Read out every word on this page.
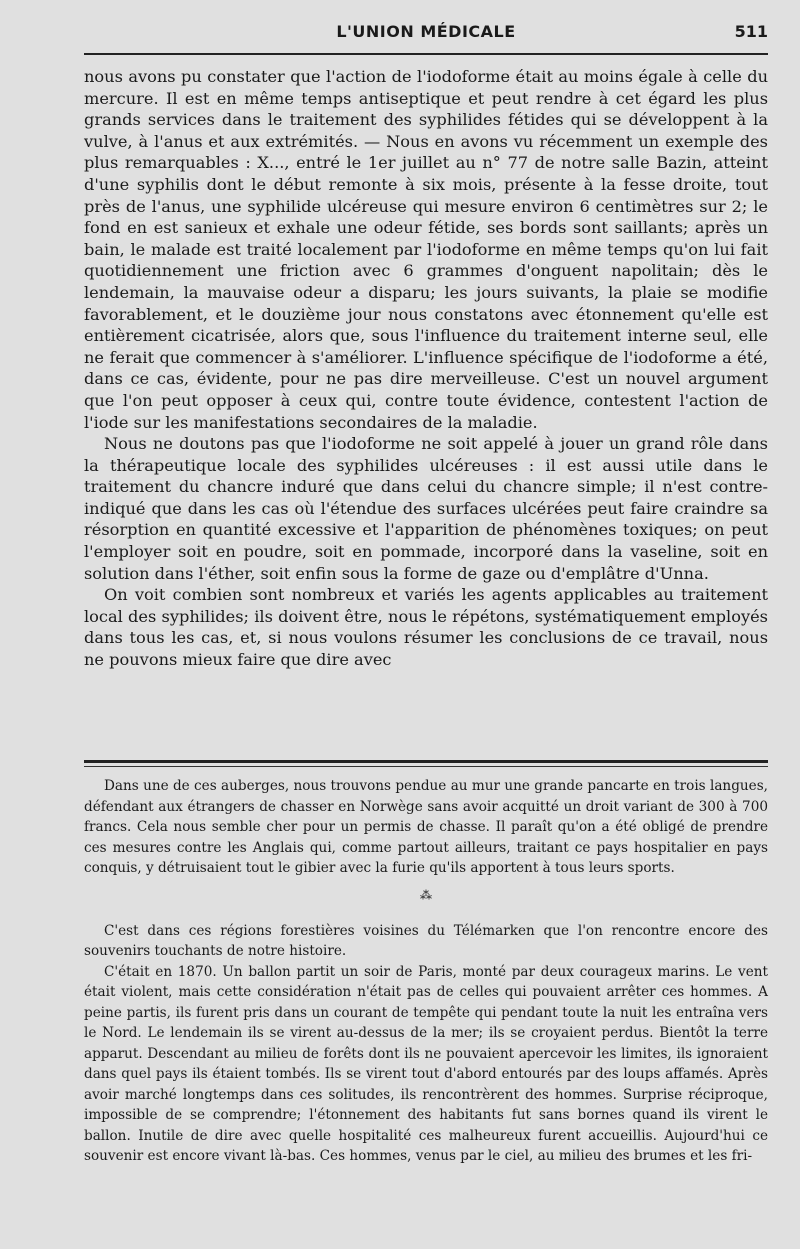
L'UNION MÉDICALE	511

nous avons pu constater que l'action de l'iodoforme était au moins égale à celle du mercure. Il est en même temps antiseptique et peut rendre à cet égard les plus grands services dans le traitement des syphilides fétides qui se développent à la vulve, à l'anus et aux extrémités. — Nous en avons vu récemment un exemple des plus remarquables : X..., entré le 1er juillet au n° 77 de notre salle Bazin, atteint d'une syphilis dont le début remonte à six mois, présente à la fesse droite, tout près de l'anus, une syphilide ulcéreuse qui mesure environ 6 centimètres sur 2; le fond en est sanieux et exhale une odeur fétide, ses bords sont saillants; après un bain, le malade est traité localement par l'iodoforme en même temps qu'on lui fait quotidiennement une friction avec 6 grammes d'onguent napolitain; dès le lendemain, la mauvaise odeur a disparu; les jours suivants, la plaie se modifie favorablement, et le douzième jour nous constatons avec étonnement qu'elle est entièrement cicatrisée, alors que, sous l'influence du traitement interne seul, elle ne ferait que commencer à s'améliorer. L'influence spécifique de l'iodoforme a été, dans ce cas, évidente, pour ne pas dire merveilleuse. C'est un nouvel argument que l'on peut opposer à ceux qui, contre toute évidence, contestent l'action de l'iode sur les manifestations secondaires de la maladie.

Nous ne doutons pas que l'iodoforme ne soit appelé à jouer un grand rôle dans la thérapeutique locale des syphilides ulcéreuses : il est aussi utile dans le traitement du chancre induré que dans celui du chancre simple; il n'est contre-indiqué que dans les cas où l'étendue des surfaces ulcérées peut faire craindre sa résorption en quantité excessive et l'apparition de phénomènes toxiques; on peut l'employer soit en poudre, soit en pommade, incorporé dans la vaseline, soit en solution dans l'éther, soit enfin sous la forme de gaze ou d'emplâtre d'Unna.

On voit combien sont nombreux et variés les agents applicables au traitement local des syphilides; ils doivent être, nous le répétons, systématiquement employés dans tous les cas, et, si nous voulons résumer les conclusions de ce travail, nous ne pouvons mieux faire que dire avec

Dans une de ces auberges, nous trouvons pendue au mur une grande pancarte en trois langues, défendant aux étrangers de chasser en Norwège sans avoir acquitté un droit variant de 300 à 700 francs. Cela nous semble cher pour un permis de chasse. Il paraît qu'on a été obligé de prendre ces mesures contre les Anglais qui, comme partout ailleurs, traitant ce pays hospitalier en pays conquis, y détruisaient tout le gibier avec la furie qu'ils apportent à tous leurs sports.

⁂

C'est dans ces régions forestières voisines du Télémarken que l'on rencontre encore des souvenirs touchants de notre histoire.

C'était en 1870. Un ballon partit un soir de Paris, monté par deux courageux marins. Le vent était violent, mais cette considération n'était pas de celles qui pouvaient arrêter ces hommes. A peine partis, ils furent pris dans un courant de tempête qui pendant toute la nuit les entraîna vers le Nord. Le lendemain ils se virent au-dessus de la mer; ils se croyaient perdus. Bientôt la terre apparut. Descendant au milieu de forêts dont ils ne pouvaient apercevoir les limites, ils ignoraient dans quel pays ils étaient tombés. Ils se virent tout d'abord entourés par des loups affamés. Après avoir marché longtemps dans ces solitudes, ils rencontrèrent des hommes. Surprise réciproque, impossible de se comprendre; l'étonnement des habitants fut sans bornes quand ils virent le ballon. Inutile de dire avec quelle hospitalité ces malheureux furent accueillis. Aujourd'hui ce souvenir est encore vivant là-bas. Ces hommes, venus par le ciel, au milieu des brumes et les fri-
